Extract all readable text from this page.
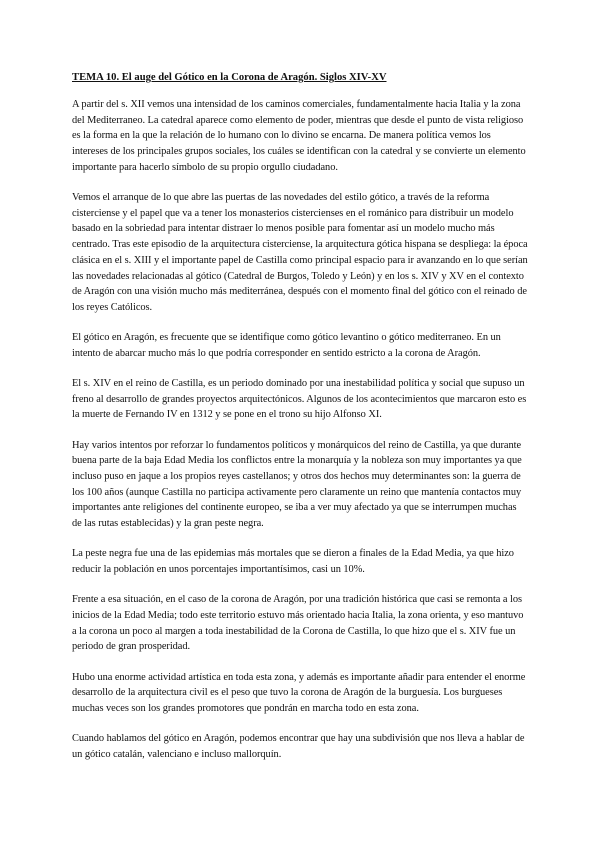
TEMA 10. El auge del Gótico en la Corona de Aragón. Siglos XIV-XV

A partir del s. XII vemos una intensidad de los caminos comerciales, fundamentalmente hacia Italia y la zona del Mediterraneo. La catedral aparece como elemento de poder, mientras que desde el punto de vista religioso es la forma en la que la relación de lo humano con lo divino se encarna. De manera política vemos los intereses de los principales grupos sociales, los cuáles se identifican con la catedral y se convierte un elemento importante para hacerlo símbolo de su propio orgullo ciudadano.

Vemos el arranque de lo que abre las puertas de las novedades del estilo gótico, a través de la reforma cisterciense y el papel que va a tener los monasterios cistercienses en el románico para distribuir un modelo basado en la sobriedad para intentar distraer lo menos posible para fomentar así un modelo mucho más centrado. Tras este episodio de la arquitectura cisterciense, la arquitectura gótica hispana se despliega: la época clásica en el s. XIII y el importante papel de Castilla como principal espacio para ir avanzando en lo que serían las novedades relacionadas al gótico (Catedral de Burgos, Toledo y León) y en los s. XIV y XV en el contexto de Aragón con una visión mucho más mediterránea, después con el momento final del gótico con el reinado de los reyes Católicos.

El gótico en Aragón, es frecuente que se identifique como gótico levantino o gótico mediterraneo. En un intento de abarcar mucho más lo que podría corresponder en sentido estricto a la corona de Aragón.

El s. XIV en el reino de Castilla, es un periodo dominado por una inestabilidad política y social que supuso un freno al desarrollo de grandes proyectos arquitectónicos. Algunos de los acontecimientos que marcaron esto es la muerte de Fernando IV en 1312 y se pone en el trono su hijo Alfonso XI.

Hay varios intentos por reforzar lo fundamentos políticos y monárquicos del reino de Castilla, ya que durante buena parte de la baja Edad Media los conflictos entre la monarquía y la nobleza son muy importantes ya que incluso puso en jaque a los propios reyes castellanos; y otros dos hechos muy determinantes son: la guerra de los 100 años (aunque Castilla no participa activamente pero claramente un reino que mantenía contactos muy importantes ante religiones del continente europeo, se iba a ver muy afectado ya que se interrumpen muchas de las rutas establecidas) y la gran peste negra.

La peste negra fue una de las epidemias más mortales que se dieron a finales de la Edad Media, ya que hizo reducir la población en unos porcentajes importantísimos, casi un 10%.

Frente a esa situación, en el caso de la corona de Aragón, por una tradición histórica que casi se remonta a los inicios de la Edad Media; todo este territorio estuvo más orientado hacia Italia, la zona orienta, y eso mantuvo a la corona un poco al margen a toda inestabilidad de la Corona de Castilla, lo que hizo que el s. XIV fue un periodo de gran prosperidad.

Hubo una enorme actividad artística en toda esta zona, y además es importante añadir para entender el enorme desarrollo de la arquitectura civil es el peso que tuvo la corona de Aragón de la burguesía. Los burgueses muchas veces son los grandes promotores que pondrán en marcha todo en esta zona.

Cuando hablamos del gótico en Aragón, podemos encontrar que hay una subdivisión que nos lleva a hablar de un gótico catalán, valenciano e incluso mallorquín.
